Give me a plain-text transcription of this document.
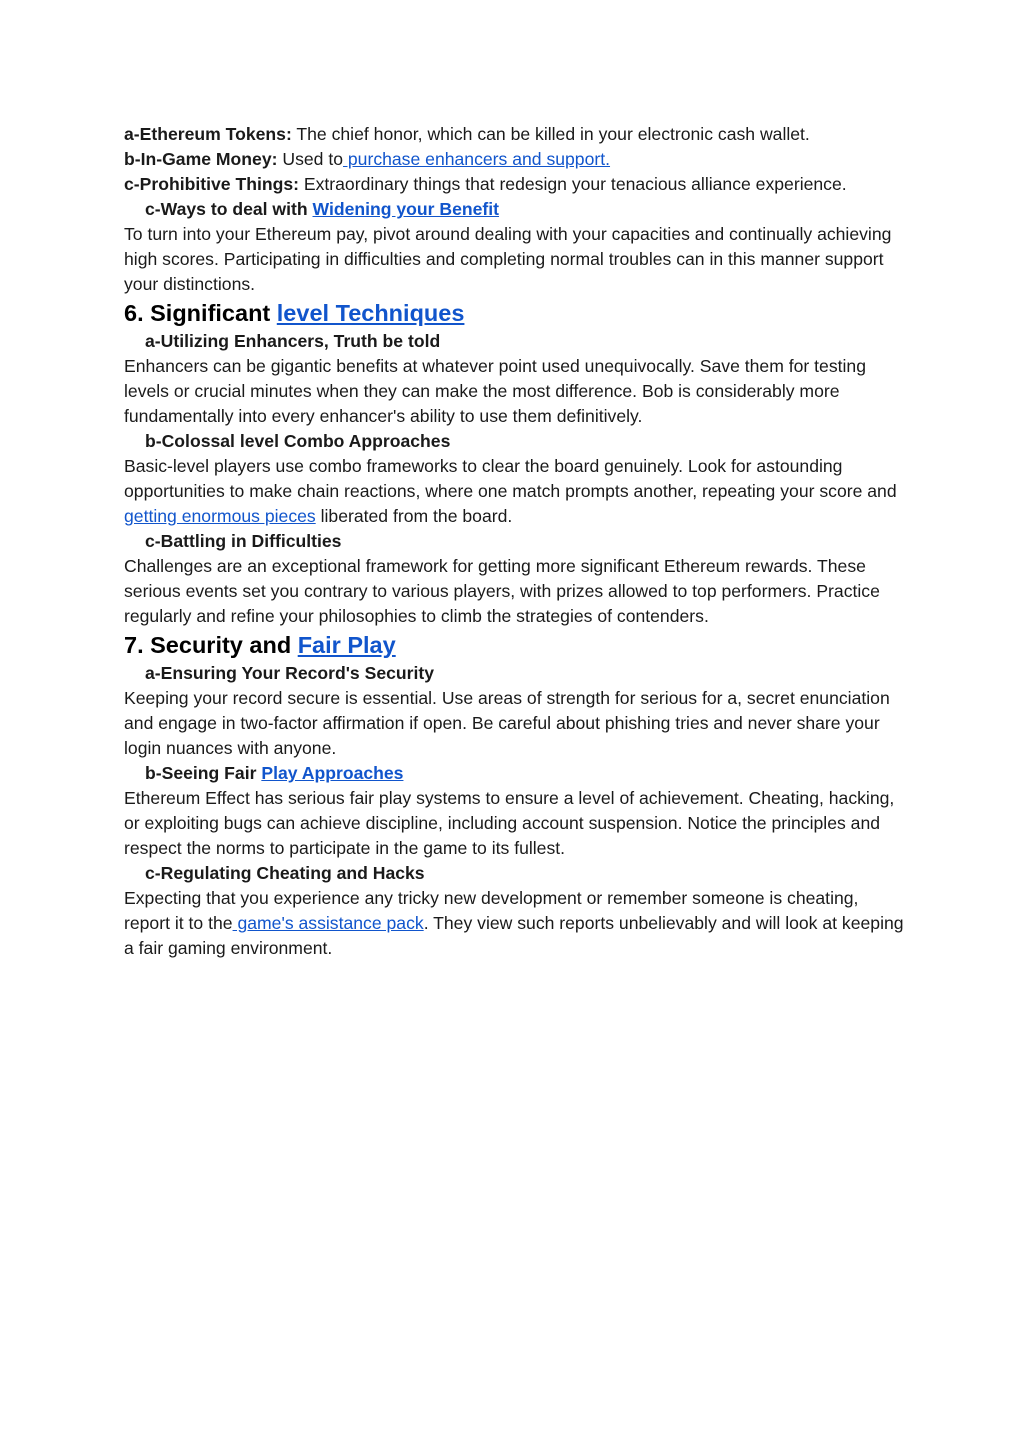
a-Ethereum Tokens: The chief honor, which can be killed in your electronic cash wallet.

b-In-Game Money: Used to purchase enhancers and support.

c-Prohibitive Things: Extraordinary things that redesign your tenacious alliance experience.

c-Ways to deal with Widening your Benefit

To turn into your Ethereum pay, pivot around dealing with your capacities and continually achieving high scores. Participating in difficulties and completing normal troubles can in this manner support your distinctions.

6. Significant level Techniques

a-Utilizing Enhancers, Truth be told

Enhancers can be gigantic benefits at whatever point used unequivocally. Save them for testing levels or crucial minutes when they can make the most difference. Bob is considerably more fundamentally into every enhancer's ability to use them definitively.

b-Colossal level Combo Approaches

Basic-level players use combo frameworks to clear the board genuinely. Look for astounding opportunities to make chain reactions, where one match prompts another, repeating your score and getting enormous pieces liberated from the board.

c-Battling in Difficulties

Challenges are an exceptional framework for getting more significant Ethereum rewards. These serious events set you contrary to various players, with prizes allowed to top performers. Practice regularly and refine your philosophies to climb the strategies of contenders.

7. Security and Fair Play

a-Ensuring Your Record's Security

Keeping your record secure is essential. Use areas of strength for serious for a, secret enunciation and engage in two-factor affirmation if open. Be careful about phishing tries and never share your login nuances with anyone.

b-Seeing Fair Play Approaches

Ethereum Effect has serious fair play systems to ensure a level of achievement. Cheating, hacking, or exploiting bugs can achieve discipline, including account suspension. Notice the principles and respect the norms to participate in the game to its fullest.

c-Regulating Cheating and Hacks

Expecting that you experience any tricky new development or remember someone is cheating, report it to the game's assistance pack. They view such reports unbelievably and will look at keeping a fair gaming environment.
